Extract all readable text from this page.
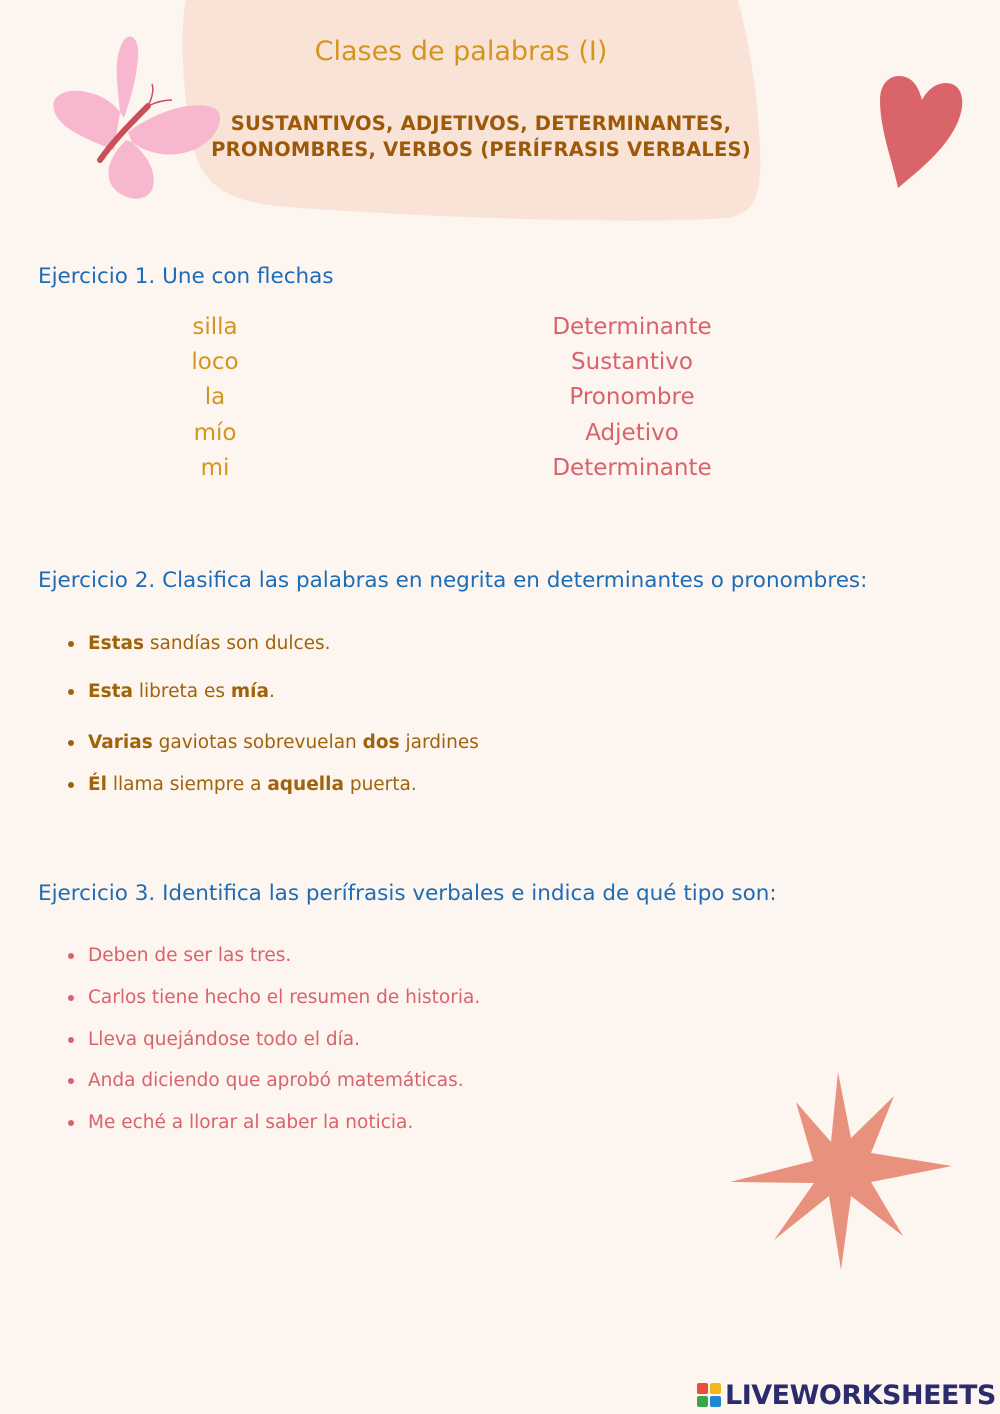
Clases de palabras (I)
SUSTANTIVOS, ADJETIVOS, DETERMINANTES,
PRONOMBRES, VERBOS (PERÍFRASIS VERBALES)
Ejercicio 1. Une con flechas
silla
loco
la
mío
mi
Determinante
Sustantivo
Pronombre
Adjetivo
Determinante
Ejercicio 2. Clasifica las palabras en negrita en determinantes o pronombres:
Estas sandías son dulces.
Esta libreta es mía.
Varias gaviotas sobrevuelan dos jardines
Él llama siempre a aquella puerta.
Ejercicio 3. Identifica las perífrasis verbales e indica de qué tipo son:
Deben de ser las tres.
Carlos tiene hecho el resumen de historia.
Lleva quejándose todo el día.
Anda diciendo que aprobó matemáticas.
Me eché a llorar al saber la noticia.
LIVEWORKSHEETS
